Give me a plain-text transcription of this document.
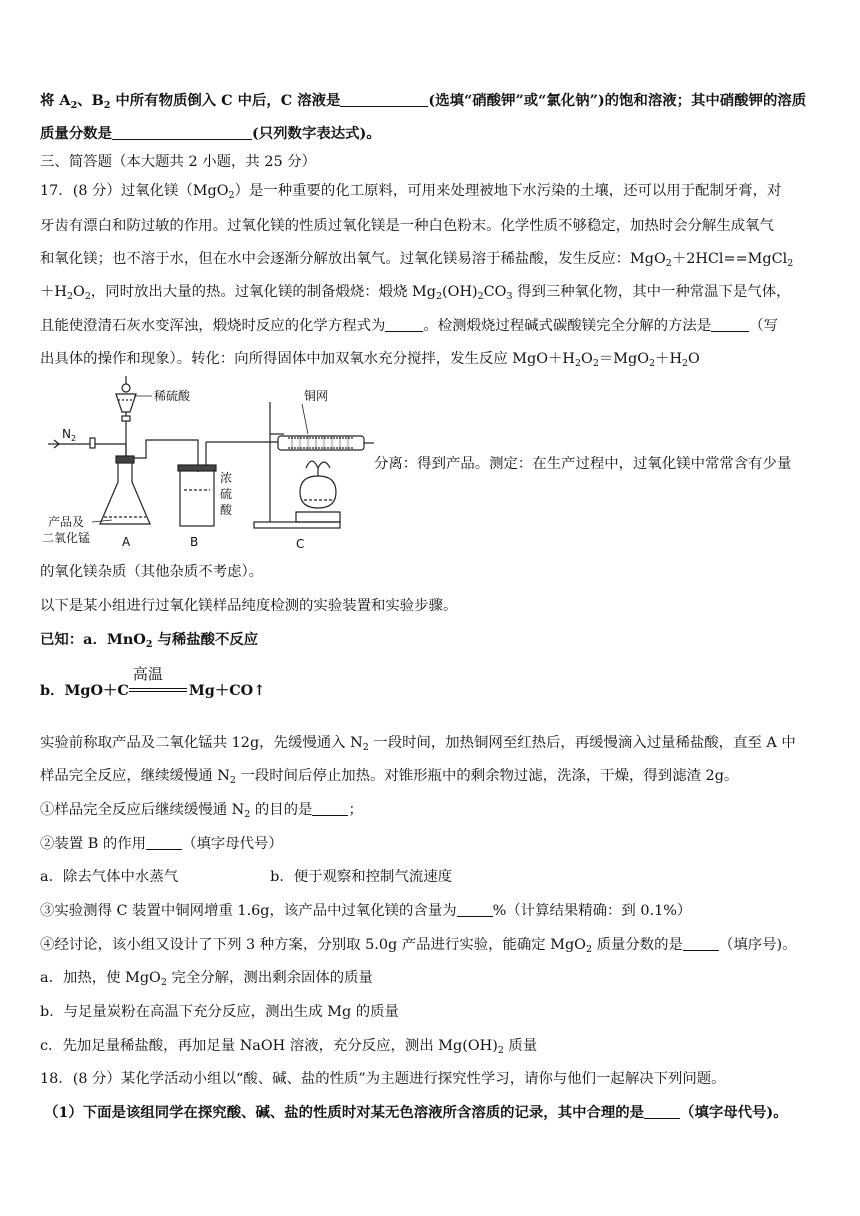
将 $A_2$、$B_2$ 中所有物质倒入 C 中后，C 溶液是	(选填“硝酸钾”或“氯化钠”)的饱和溶液；其中硝酸钾的溶质
质量分数是	(只列数字表达式)。
三、简答题（本大题共 2 小题，共 25 分）
17．(8 分）过氧化镁（MgO$_2$）是一种重要的化工原料，可用来处理被地下水污染的土壤，还可以用于配制牙膏，对
牙齿有漂白和防过敏的作用。过氧化镁的性质过氧化镁是一种白色粉末。化学性质不够稳定，加热时会分解生成氧气
和氧化镁；也不溶于水，但在水中会逐渐分解放出氧气。过氧化镁易溶于稀盐酸，发生反应：MgO$_2$＋2HCl==MgCl$_2$
$+H_2O_2$，同时放出大量的热。过氧化镁的制备煅烧：煅烧 $Mg_2(OH)_2CO_3$ 得到三种氧化物，其中一种常温下是气体，
且能使澄清石灰水变浑浊，煅烧时反应的化学方程式为	。检测煅烧过程碱式碳酸镁完全分解的方法是	（写
出具体的操作和现象）。转化：向所得固体中加双氧水充分搅拌，发生反应 $MgO+H_2O_2=MgO_2+H_2O$
$N_2$
稀硫酸	铜网
浓
硫
酸
产品及
二氧化锰	A	B	C
分离：得到产品。测定：在生产过程中，过氧化镁中常常含有少量
的氧化镁杂质（其他杂质不考虑）。
以下是某小组进行过氧化镁样品纯度检测的实验装置和实验步骤。
已知：a．MnO$_2$ 与稀盐酸不反应
b．MgO＋C
高温
Mg＋CO↑
实验前称取产品及二氧化锰共 12g，先缓慢通入 $N_2$ 一段时间，加热铜网至红热后，再缓慢滴入过量稀盐酸，直至 A 中
样品完全反应，继续缓慢通 $N_2$ 一段时间后停止加热。对锥形瓶中的剩余物过滤，洗涤，干燥，得到滤渣 2g。
①样品完全反应后继续缓慢通 $N_2$ 的目的是	；
②装置 B 的作用	（填字母代号）
a．除去气体中水蒸气	b．便于观察和控制气流速度
③实验测得 C 装置中铜网增重 1.6g，该产品中过氧化镁的含量为	%（计算结果精确：到 0.1%）
④经讨论，该小组又设计了下列 3 种方案，分别取 5.0g 产品进行实验，能确定 MgO$_2$ 质量分数的是	（填序号)。
a．加热，使 MgO$_2$ 完全分解，测出剩余固体的质量
b．与足量炭粉在高温下充分反应，测出生成 Mg 的质量
c．先加足量稀盐酸，再加足量 NaOH 溶液，充分反应，测出 $Mg(OH)_2$ 质量
18．(8 分）某化学活动小组以“酸、碱、盐的性质”为主题进行探究性学习，请你与他们一起解决下列问题。
（1）下面是该组同学在探究酸、碱、盐的性质时对某无色溶液所含溶质的记录，其中合理的是	（填字母代号)。
